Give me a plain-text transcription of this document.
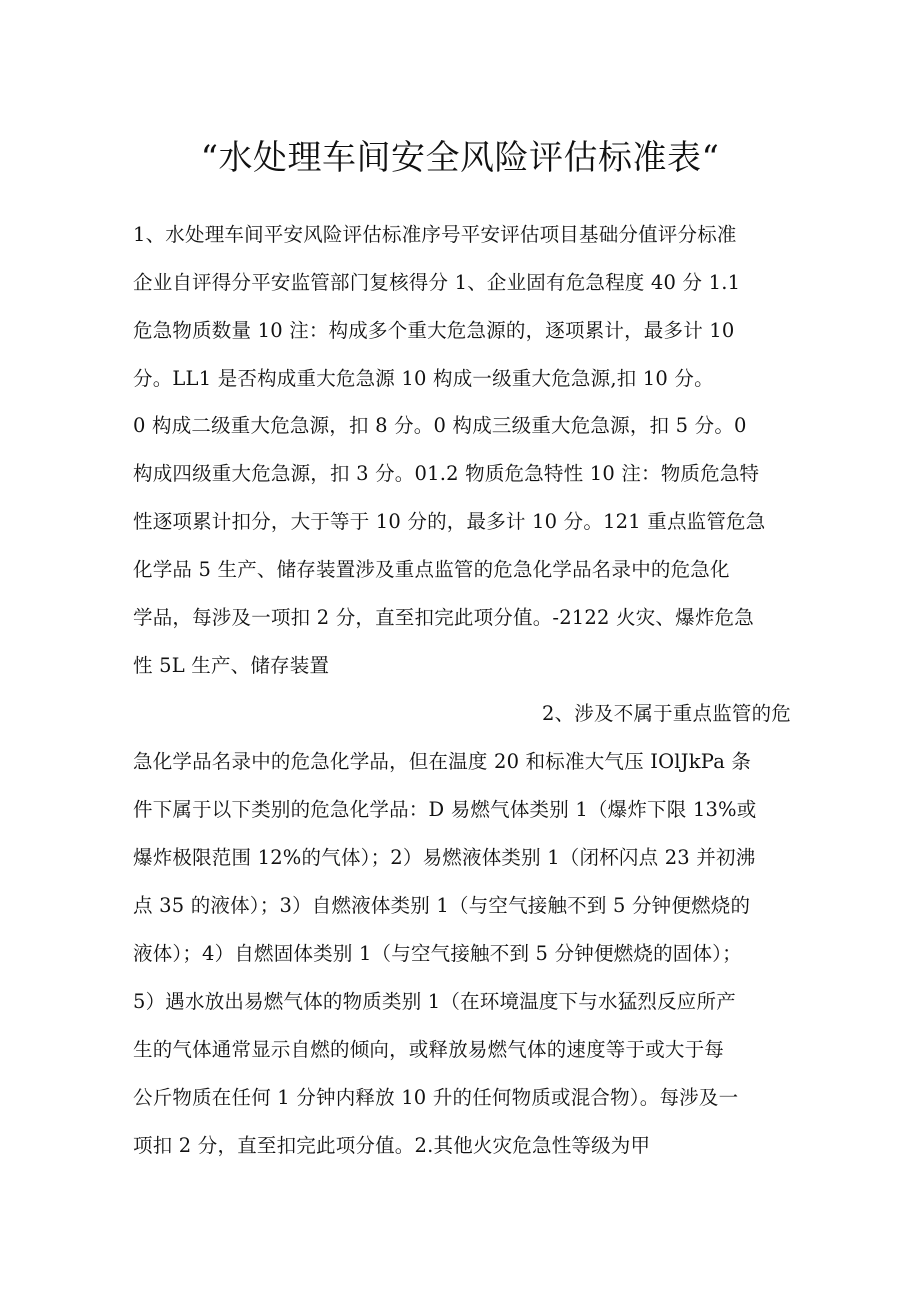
“水处理车间安全风险评估标准表“
1、水处理车间平安风险评估标准序号平安评估项目基础分值评分标准
企业自评得分平安监管部门复核得分 1、企业固有危急程度 40 分 1.1
危急物质数量 10 注：构成多个重大危急源的，逐项累计，最多计 10
分。LL1 是否构成重大危急源 10 构成一级重大危急源,扣 10 分。
0 构成二级重大危急源，扣 8 分。0 构成三级重大危急源，扣 5 分。0
构成四级重大危急源，扣 3 分。01.2 物质危急特性 10 注：物质危急特
性逐项累计扣分，大于等于 10 分的，最多计 10 分。121 重点监管危急
化学品 5 生产、储存装置涉及重点监管的危急化学品名录中的危急化
学品，每涉及一项扣 2 分，直至扣完此项分值。-2122 火灾、爆炸危急
性 5L 生产、储存装置
2、涉及不属于重点监管的危
急化学品名录中的危急化学品，但在温度 20 和标准大气压 IOlJkPa 条
件下属于以下类别的危急化学品：D 易燃气体类别 1（爆炸下限 13%或
爆炸极限范围 12%的气体）；2）易燃液体类别 1（闭杯闪点 23 并初沸
点 35 的液体）；3）自燃液体类别 1（与空气接触不到 5 分钟便燃烧的
液体）；4）自燃固体类别 1（与空气接触不到 5 分钟便燃烧的固体）；
5）遇水放出易燃气体的物质类别 1（在环境温度下与水猛烈反应所产
生的气体通常显示自燃的倾向，或释放易燃气体的速度等于或大于每
公斤物质在任何 1 分钟内释放 10 升的任何物质或混合物）。每涉及一
项扣 2 分，直至扣完此项分值。2.其他火灾危急性等级为甲
